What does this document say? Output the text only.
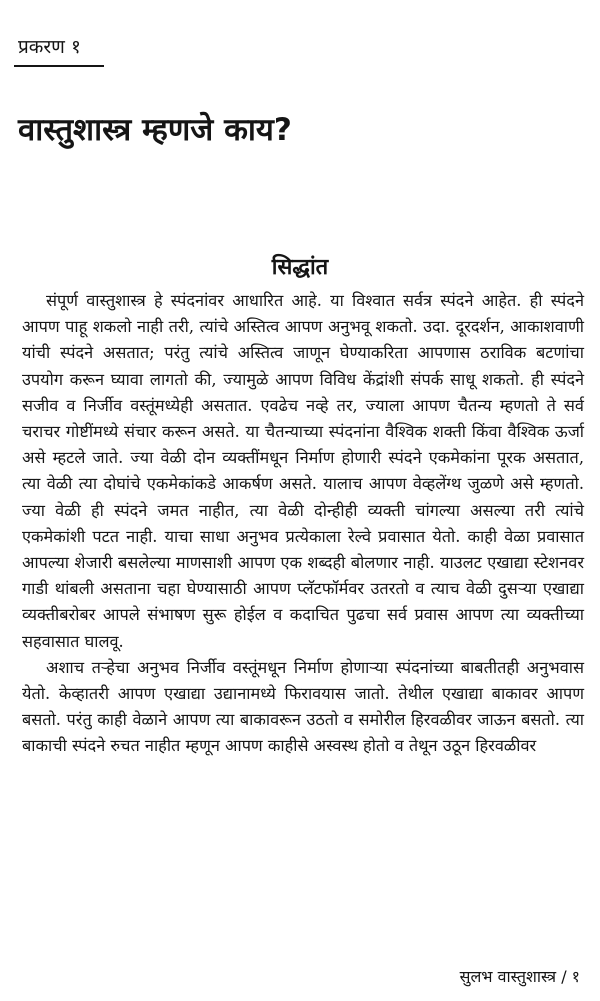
प्रकरण १
वास्तुशास्त्र म्हणजे काय?
सिद्धांत

संपूर्ण वास्तुशास्त्र हे स्पंदनांवर आधारित आहे. या विश्वात सर्वत्र स्पंदने आहेत. ही स्पंदने आपण पाहू शकलो नाही तरी, त्यांचे अस्तित्व आपण अनुभवू शकतो. उदा. दूरदर्शन, आकाशवाणी यांची स्पंदने असतात; परंतु त्यांचे अस्तित्व जाणून घेण्याकरिता आपणास ठराविक बटणांचा उपयोग करून घ्यावा लागतो की, ज्यामुळे आपण विविध केंद्रांशी संपर्क साधू शकतो. ही स्पंदने सजीव व निर्जीव वस्तूंमध्येही असतात. एवढेच नव्हे तर, ज्याला आपण चैतन्य म्हणतो ते सर्व चराचर गोष्टींमध्ये संचार करून असते. या चैतन्याच्या स्पंदनांना वैश्विक शक्ती किंवा वैश्विक ऊर्जा असे म्हटले जाते. ज्या वेळी दोन व्यक्तींमधून निर्माण होणारी स्पंदने एकमेकांना पूरक असतात, त्या वेळी त्या दोघांचे एकमेकांकडे आकर्षण असते. यालाच आपण वेव्हलेंग्थ जुळणे असे म्हणतो. ज्या वेळी ही स्पंदने जमत नाहीत, त्या वेळी दोन्हीही व्यक्ती चांगल्या असल्या तरी त्यांचे एकमेकांशी पटत नाही. याचा साधा अनुभव प्रत्येकाला रेल्वे प्रवासात येतो. काही वेळा प्रवासात आपल्या शेजारी बसलेल्या माणसाशी आपण एक शब्दही बोलणार नाही. याउलट एखाद्या स्टेशनवर गाडी थांबली असताना चहा घेण्यासाठी आपण प्लॅटफॉर्मवर उतरतो व त्याच वेळी दुसऱ्या एखाद्या व्यक्तीबरोबर आपले संभाषण सुरू होईल व कदाचित पुढचा सर्व प्रवास आपण त्या व्यक्तीच्या सहवासात घालवू.

अशाच तऱ्हेचा अनुभव निर्जीव वस्तूंमधून निर्माण होणाऱ्या स्पंदनांच्या बाबतीतही अनुभवास येतो. केव्हातरी आपण एखाद्या उद्यानामध्ये फिरावयास जातो. तेथील एखाद्या बाकावर आपण बसतो. परंतु काही वेळाने आपण त्या बाकावरून उठतो व समोरील हिरवळीवर जाऊन बसतो. त्या बाकाची स्पंदने रुचत नाहीत म्हणून आपण काहीसे अस्वस्थ होतो व तेथून उठून हिरवळीवर

सुलभ वास्तुशास्त्र / १
